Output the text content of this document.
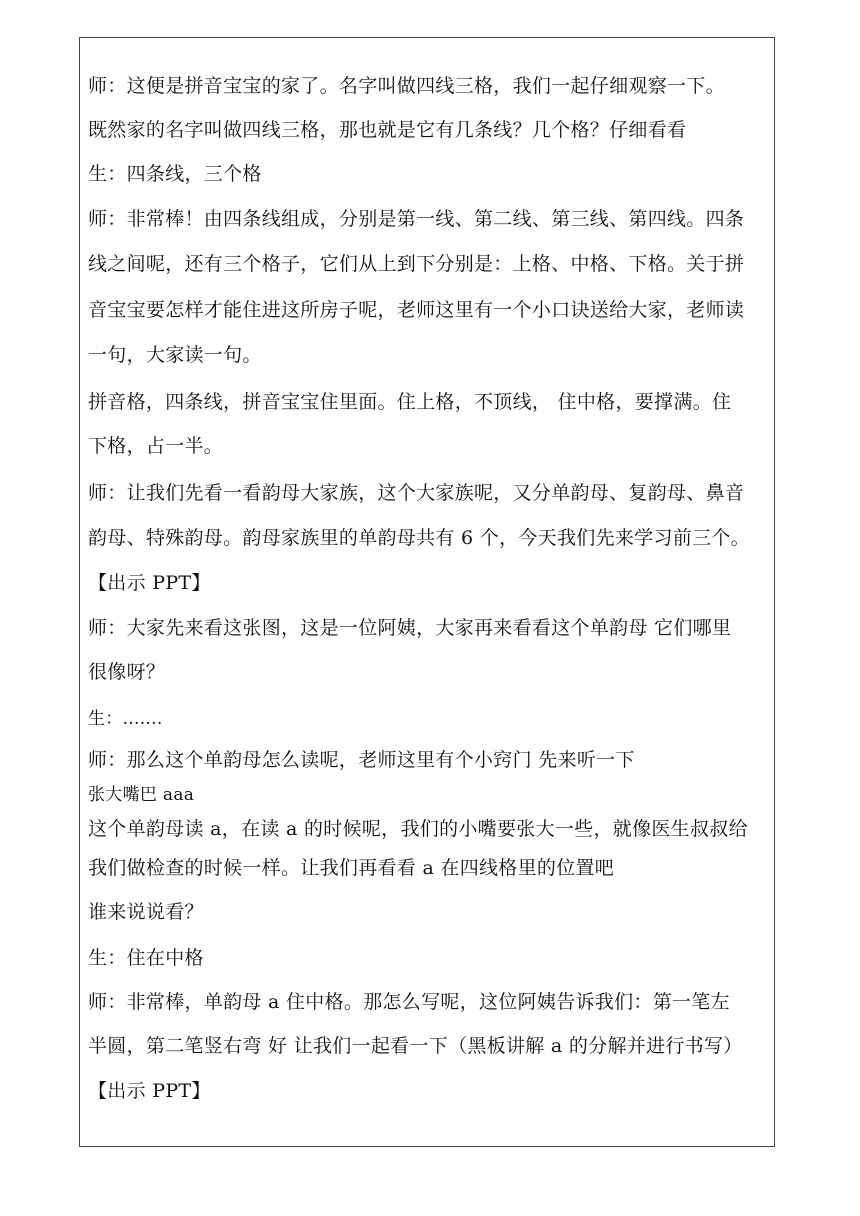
师：这便是拼音宝宝的家了。名字叫做四线三格，我们一起仔细观察一下。
既然家的名字叫做四线三格，那也就是它有几条线？几个格？仔细看看
生：四条线，三个格
师：非常棒！由四条线组成，分别是第一线、第二线、第三线、第四线。四条
线之间呢，还有三个格子，它们从上到下分别是：上格、中格、下格。关于拼
音宝宝要怎样才能住进这所房子呢，老师这里有一个小口诀送给大家，老师读
一句，大家读一句。
拼音格，四条线，拼音宝宝住里面。住上格，不顶线， 住中格，要撑满。住
下格，占一半。
师：让我们先看一看韵母大家族，这个大家族呢，又分单韵母、复韵母、鼻音
韵母、特殊韵母。韵母家族里的单韵母共有 6 个，今天我们先来学习前三个。
【出示 PPT】
师：大家先来看这张图，这是一位阿姨，大家再来看看这个单韵母 它们哪里
很像呀？
生：.......
师：那么这个单韵母怎么读呢，老师这里有个小窍门 先来听一下
张大嘴巴 aaa
这个单韵母读 a，在读 a 的时候呢，我们的小嘴要张大一些，就像医生叔叔给
我们做检查的时候一样。让我们再看看 a 在四线格里的位置吧
谁来说说看？
生：住在中格
师：非常棒，单韵母 a 住中格。那怎么写呢，这位阿姨告诉我们：第一笔左
半圆，第二笔竖右弯 好 让我们一起看一下（黑板讲解 a 的分解并进行书写）
【出示 PPT】
